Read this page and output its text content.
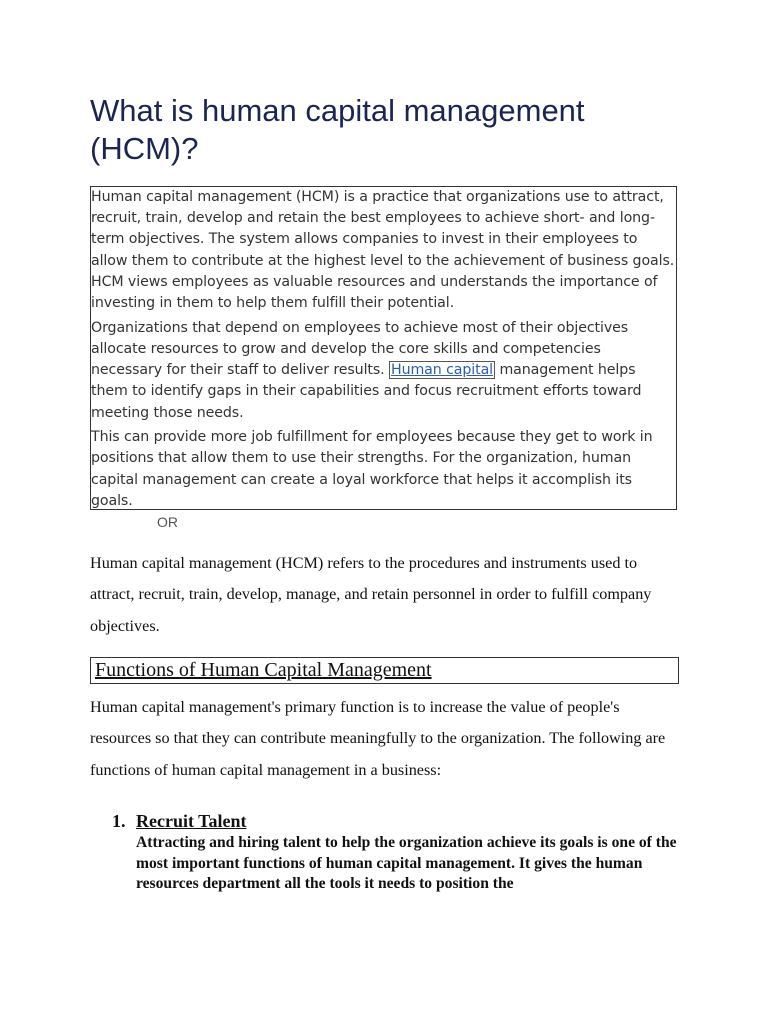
What is human capital management (HCM)?

Human capital management (HCM) is a practice that organizations use to attract, recruit, train, develop and retain the best employees to achieve short- and long-term objectives. The system allows companies to invest in their employees to allow them to contribute at the highest level to the achievement of business goals. HCM views employees as valuable resources and understands the importance of investing in them to help them fulfill their potential.

Organizations that depend on employees to achieve most of their objectives allocate resources to grow and develop the core skills and competencies necessary for their staff to deliver results. Human capital management helps them to identify gaps in their capabilities and focus recruitment efforts toward meeting those needs.

This can provide more job fulfillment for employees because they get to work in positions that allow them to use their strengths. For the organization, human capital management can create a loyal workforce that helps it accomplish its goals.

OR

Human capital management (HCM) refers to the procedures and instruments used to attract, recruit, train, develop, manage, and retain personnel in order to fulfill company objectives.

Functions of Human Capital Management

Human capital management's primary function is to increase the value of people's resources so that they can contribute meaningfully to the organization. The following are functions of human capital management in a business:

1. Recruit Talent

Attracting and hiring talent to help the organization achieve its goals is one of the most important functions of human capital management. It gives the human resources department all the tools it needs to position the
